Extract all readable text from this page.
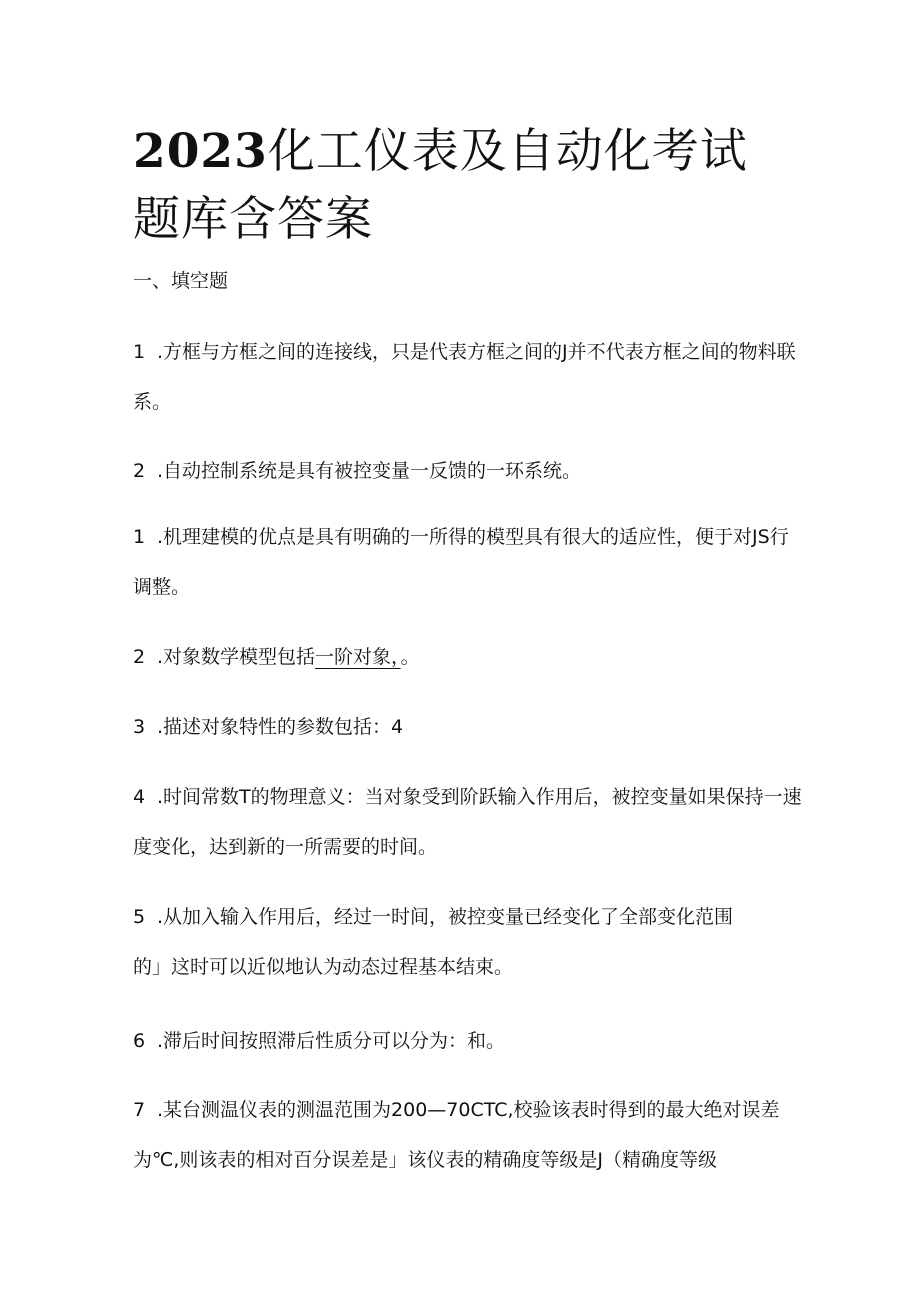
2023化工仪表及自动化考试题库含答案

一、填空题

1 .方框与方框之间的连接线，只是代表方框之间的J并不代表方框之间的物料联系。

2 .自动控制系统是具有被控变量一反馈的一环系统。

1 .机理建模的优点是具有明确的一所得的模型具有很大的适应性，便于对JS行调整。

2 .对象数学模型包括一阶对象，。

3 .描述对象特性的参数包括：4

4 .时间常数T的物理意义：当对象受到阶跃输入作用后，被控变量如果保持一速度变化，达到新的一所需要的时间。

5 .从加入输入作用后，经过一时间，被控变量已经变化了全部变化范围
的」这时可以近似地认为动态过程基本结束。

6 .滞后时间按照滞后性质分可以分为：和。

7 .某台测温仪表的测温范围为200—70CTC,校验该表时得到的最大绝对误差为℃,则该表的相对百分误差是」该仪表的精确度等级是J（精确度等级
